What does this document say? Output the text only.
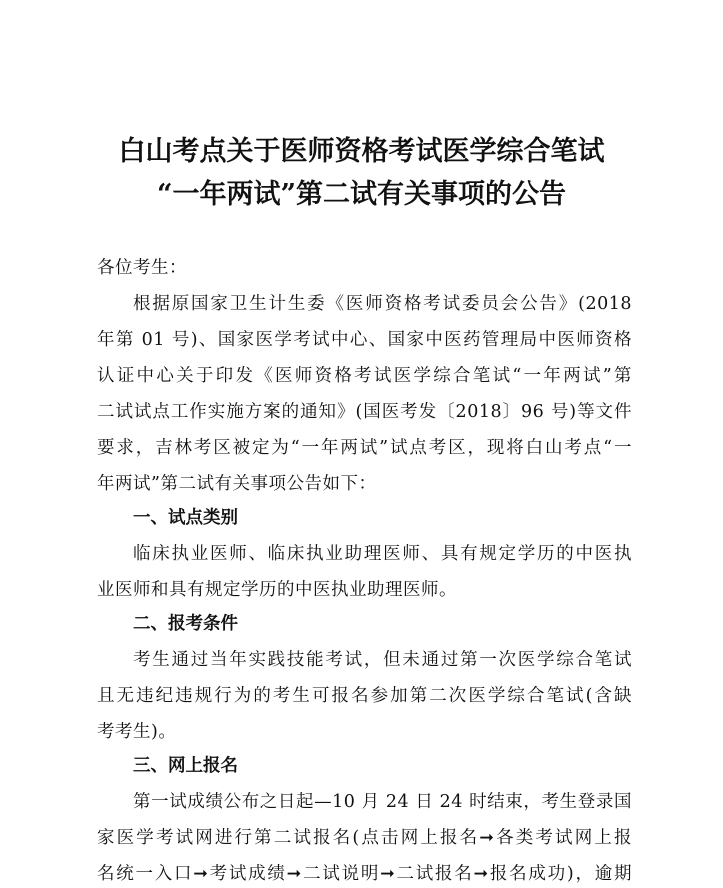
白山考点关于医师资格考试医学综合笔试
“一年两试”第二试有关事项的公告
各位考生：
根据原国家卫生计生委《医师资格考试委员会公告》(2018
年第 01 号)、国家医学考试中心、国家中医药管理局中医师资格
认证中心关于印发《医师资格考试医学综合笔试“一年两试”第
二试试点工作实施方案的通知》(国医考发〔2018〕96 号)等文件
要求，吉林考区被定为“一年两试”试点考区，现将白山考点“一
年两试”第二试有关事项公告如下：
一、试点类别
临床执业医师、临床执业助理医师、具有规定学历的中医执
业医师和具有规定学历的中医执业助理医师。
二、报考条件
考生通过当年实践技能考试，但未通过第一次医学综合笔试
且无违纪违规行为的考生可报名参加第二次医学综合笔试(含缺
考考生)。
三、网上报名
第一试成绩公布之日起—10 月 24 日 24 时结束，考生登录国
家医学考试网进行第二试报名(点击网上报名➞各类考试网上报
名统一入口➞考试成绩➞二试说明➞二试报名➞报名成功)，逾期
